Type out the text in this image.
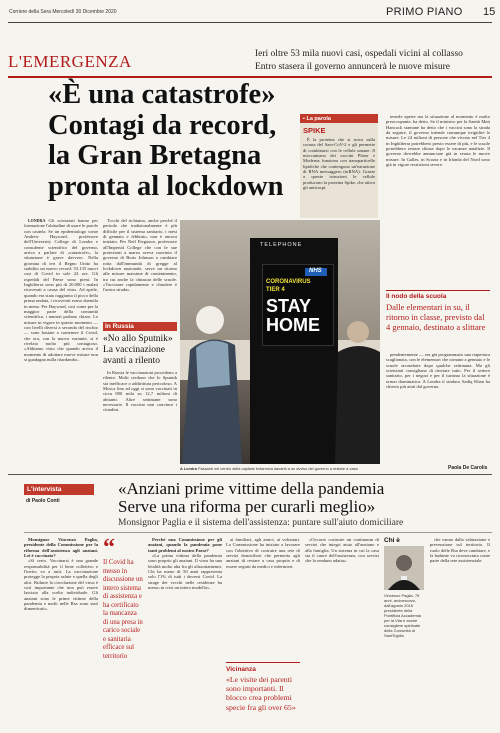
Corriere della Sera Mercoledì 30 Dicembre 2020	PRIMO PIANO 15
L'EMERGENZA	Ieri oltre 53 mila nuovi casi, ospedali vicini al collasso
Entro stasera il governo annuncerà le nuove misure
«È una catastrofe»
Contagi da record,
la Gran Bretagna
pronta al lockdown

LONDRA Gli scienziati hanno per formazione l'abitudine di usare le parole con cautela. Se un epidemiologo come Andrew Hayward, professore dell'University College di Londra e consulente scientifico del governo, arriva a parlare di «catastrofe», la situazione è grave davvero. Nella giornata di ieri il Regno Unito ha stabilito un nuovo record: 53.135 nuovi casi di Covid in sole 24 ore. Gli ospedali del Paese sono pieni. In Inghilterra sono più di 20.000 i malati ricoverati a causa del virus. Ad aprile, quando era stato raggiunto il picco della prima ondata, i ricoverati erano duemila in meno. Per Hayward, così come per la maggior parte della comunità scientifica, i numeri parlano chiaro. Le misure in vigore in questo momento — con livelli diversi a seconda del rischio — sono bastate a contenere il Covid, che ora, con la nuova variante, si è rivelato molto più contagioso. «Abbiamo visto che quando arriva il momento di adottare nuove misure non si guadagna nulla ritardando».

Tocchi del richiamo, anche perché il periodo che tradizionalmente è più difficile per il sistema sanitario, i mesi di gennaio e febbraio, non è ancora iniziato. Per Neil Ferguson, professore all'Imperial College che con le sue proiezioni a marzo aveva convinto il governo di Boris Johnson a cambiare rotta dall'immunità di gregge al lockdown nazionale, serve un ritorno alle misure massime di contenimento, tra cui anche la chiusura delle scuole. «Vaccinare rapidamente e chiudere è l'unica strada».

In Russia
«No allo Sputnik»
La vaccinazione
avanti a rilento

In Russia le vaccinazioni procedono a rilento. Molti credono che lo Sputnik sia inefficace o addirittura pericoloso. A Mosca fino ad oggi si sono vaccinati in circa 800 mila su 12,7 milioni di abitanti. Altre settimane sono necessarie. Il vaccino non convince i cittadini.

TELEPHONE
NHS
CORONAVIRUS
TIER 4
STAY
HOME
A Londra Passanti nel centro della capitale britannica davanti a un avviso del governo a restare a casa
▪ La parola
SPIKE

È la proteina che si trova sulla corona del Sars-CoV-2 e gli permette di combinarsi con le cellule umane. Il meccanismo dei vaccini Pfizer e Moderna funziona con nanoparticelle lipidiche che contengono un'istruzione di RNA messaggero (mRNA). Grazie a queste istruzioni le cellule producono la proteina Spike, che attiva gli anticorpi.

tenerle aperte ma la situazione al momento è molto preoccupante, ha detto. Se il ministro per la Sanità Matt Hancock stamane ha detto che i vaccini sono la strada da seguire, il governo intende comunque irrigidire le misure. Le 24 milioni di persone che vivono nel Tier 4 in Inghilterra potrebbero presto essere di più, e le scuole potrebbero restare chiuse dopo le vacanze natalizie. Il governo dovrebbe annunciare già in serata le nuove misure. In Galles, in Scozia e in Irlanda del Nord sono già in vigore restrizioni severe.

Il nodo della scuola
Dalle elementari in su, il ritorno in classe, previsto dal 4 gennaio, destinato a slittare

pendentemente — era già programmato una riapertura scaglionata, con le elementari che tornano a gennaio e le scuole secondarie dopo qualche settimana. Ma gli scienziati consigliano di rinviare tutto. Per il settore sanitario, per i negozi e per il turismo la situazione è ormai drammatica. A Londra il sindaco Sadiq Khan ha chiesto più aiuti dal governo.

Paola De Carolis
L'intervista
di Paolo Conti
«Anziani prime vittime della pandemia
Serve una riforma per curarli meglio»
Monsignor Paglia e il sistema dell'assistenza: puntare sull'aiuto domiciliare

Monsignor Vincenzo Paglia, presidente della Commissione per la riforma dell'assistenza agli anziani. Lei è vaccinato?

«Sì certo. Vaccinarsi è una grande responsabilità per il bene collettivo e l'invito va a tutti. La vaccinazione protegge la propria salute e quella degli altri. Ridurre la circolazione del virus è così importante che non può essere lasciato alla scelta individuale. Gli anziani sono le prime vittime della pandemia e molti nelle Rsa sono stati dimenticati».

“
Il Covid ha messo in discussione un intero sistema di assistenza e ha certificato la mancanza di una presa in carico sociale e sanitaria efficace sul territorio

Perché una Commissione per gli anziani, quando la pandemia pone tanti problemi al nostro Paese?

«La prima vittima della pandemia sono proprio gli anziani. Il virus ha una letalità molto alta fra gli ultraottantenni. Chi ha meno di 50 anni rappresenta solo l'1% di tutti i decessi Covid. La strage dei vecchi nelle residenze ha messo in crisi un intero modello».

ai familiari, agli amici, ai volontari. La Commissione ha iniziato a lavorare con l'obiettivo di costruire una rete di servizi domiciliari che permetta agli anziani di restare a casa propria e di essere seguiti da medici e infermieri.

Vicinanza
«Le visite dei parenti sono importanti. Il blocco crea problemi specie fra gli over 65»

«Occorre costruire un continuum di servizi che integri aiuto all'anziano e alla famiglia. Un sistema in cui la casa sia il cuore dell'assistenza, con servizi che la rendano adatta».

Chi è
Vincenzo Paglia, 75 anni, arcivescovo, dall'agosto 2016 presidente della Pontificia Accademia per la Vita e anche consigliere spirituale della Comunità di Sant'Egidio

che vanno dalla valutazione e prevenzione sul territorio. Il ruolo delle Rsa deve cambiare, e la badante va riconosciuta come parte della rete assistenziale.
